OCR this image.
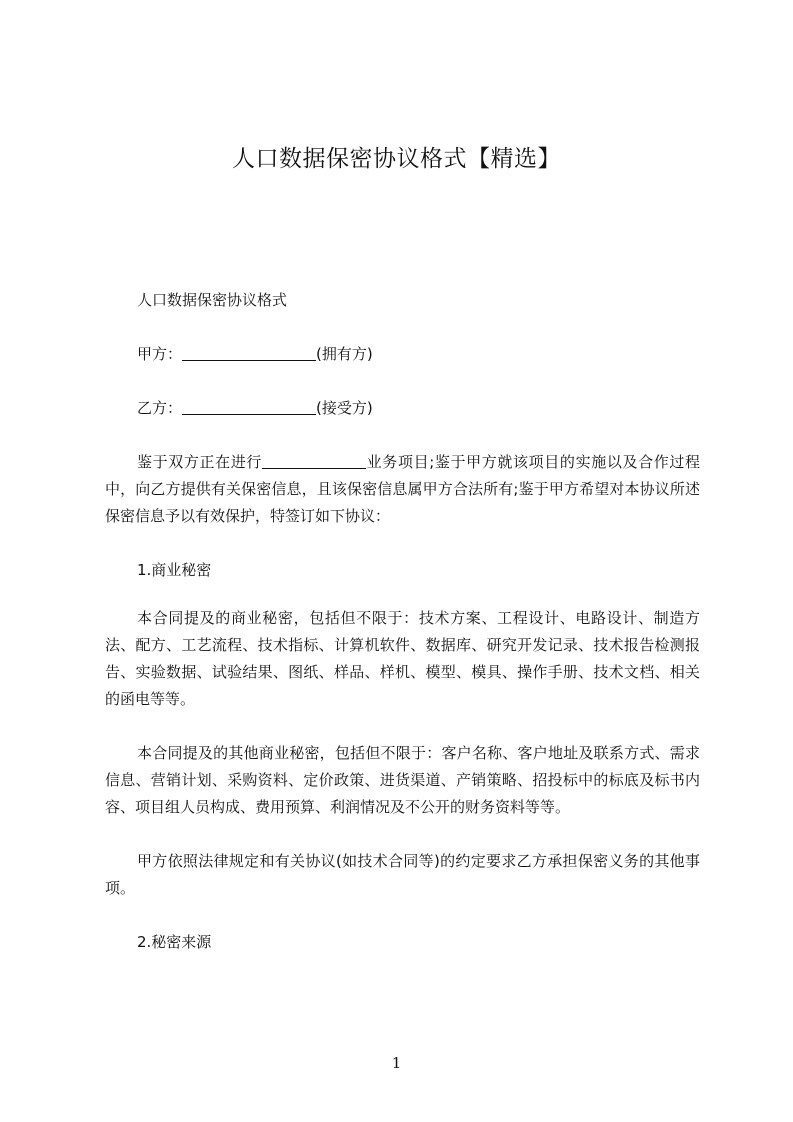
人口数据保密协议格式【精选】

人口数据保密协议格式

甲方：	(拥有方)

乙方：	(接受方)

鉴于双方正在进行	业务项目;鉴于甲方就该项目的实施以及合作过程中，向乙方提供有关保密信息，且该保密信息属甲方合法所有;鉴于甲方希望对本协议所述保密信息予以有效保护，特签订如下协议：

1.商业秘密

本合同提及的商业秘密，包括但不限于：技术方案、工程设计、电路设计、制造方法、配方、工艺流程、技术指标、计算机软件、数据库、研究开发记录、技术报告检测报告、实验数据、试验结果、图纸、样品、样机、模型、模具、操作手册、技术文档、相关的函电等等。

本合同提及的其他商业秘密，包括但不限于：客户名称、客户地址及联系方式、需求信息、营销计划、采购资料、定价政策、进货渠道、产销策略、招投标中的标底及标书内容、项目组人员构成、费用预算、利润情况及不公开的财务资料等等。

甲方依照法律规定和有关协议(如技术合同等)的约定要求乙方承担保密义务的其他事项。

2.秘密来源

1
